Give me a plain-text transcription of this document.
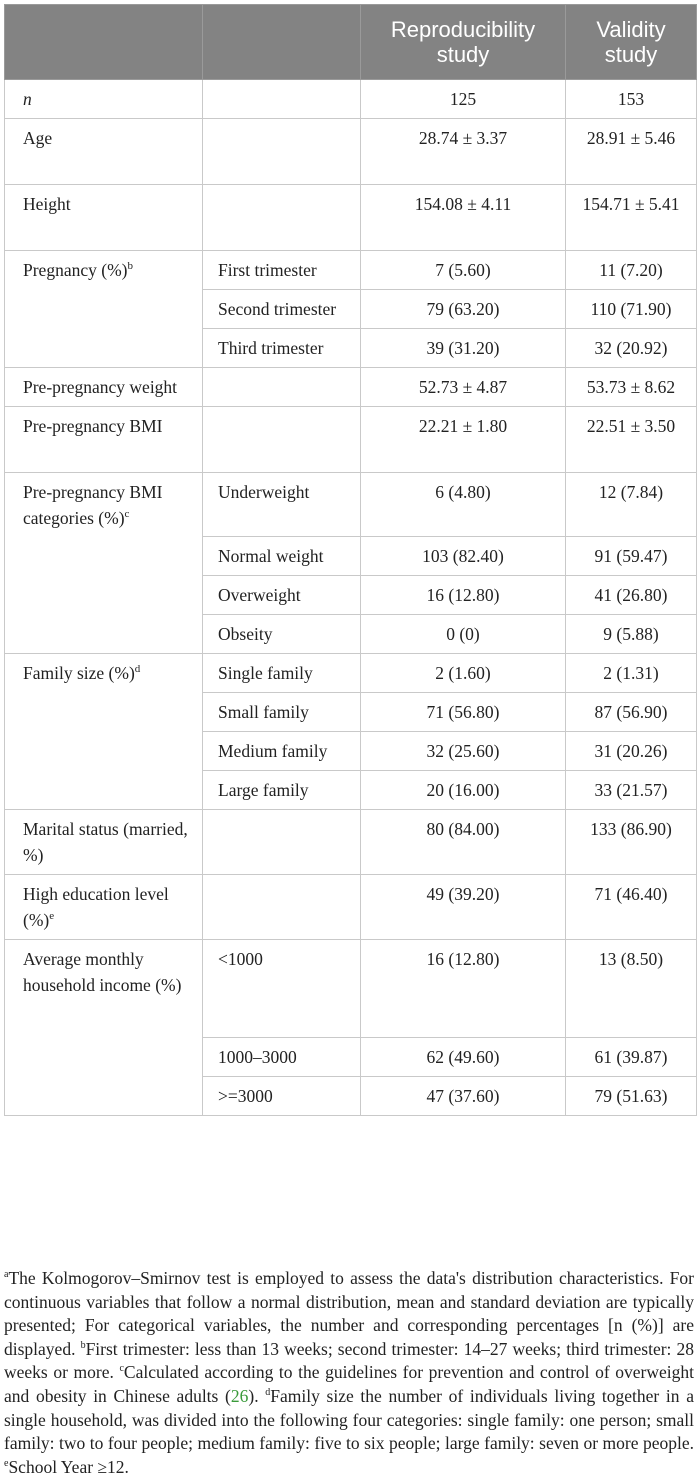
		Reproducibility study	Validity study
n		125	153
Age		28.74 ± 3.37	28.91 ± 5.46
Height		154.08 ± 4.11	154.71 ± 5.41
Pregnancy (%)$^b$	First trimester	7 (5.60)	11 (7.20)
	Second trimester	79 (63.20)	110 (71.90)
	Third trimester	39 (31.20)	32 (20.92)
Pre-pregnancy weight		52.73 ± 4.87	53.73 ± 8.62
Pre-pregnancy BMI		22.21 ± 1.80	22.51 ± 3.50
Pre-pregnancy BMI categories (%)$^c$	Underweight	6 (4.80)	12 (7.84)
	Normal weight	103 (82.40)	91 (59.47)
	Overweight	16 (12.80)	41 (26.80)
	Obseity	0 (0)	9 (5.88)
Family size (%)$^d$	Single family	2 (1.60)	2 (1.31)
	Small family	71 (56.80)	87 (56.90)
	Medium family	32 (25.60)	31 (20.26)
	Large family	20 (16.00)	33 (21.57)
Marital status (married, %)		80 (84.00)	133 (86.90)
High education level (%)$^e$		49 (39.20)	71 (46.40)
Average monthly household income (%)	<1000	16 (12.80)	13 (8.50)
	1000–3000	62 (49.60)	61 (39.87)
	>=3000	47 (37.60)	79 (51.63)
$^a$The Kolmogorov–Smirnov test is employed to assess the data's distribution characteristics. For continuous variables that follow a normal distribution, mean and standard deviation are typically presented; For categorical variables, the number and corresponding percentages [n (%)] are displayed. $^b$First trimester: less than 13 weeks; second trimester: 14–27 weeks; third trimester: 28 weeks or more. $^c$Calculated according to the guidelines for prevention and control of overweight and obesity in Chinese adults (26). $^d$Family size the number of individuals living together in a single household, was divided into the following four categories: single family: one person; small family: two to four people; medium family: five to six people; large family: seven or more people. $^e$School Year ≥12.
